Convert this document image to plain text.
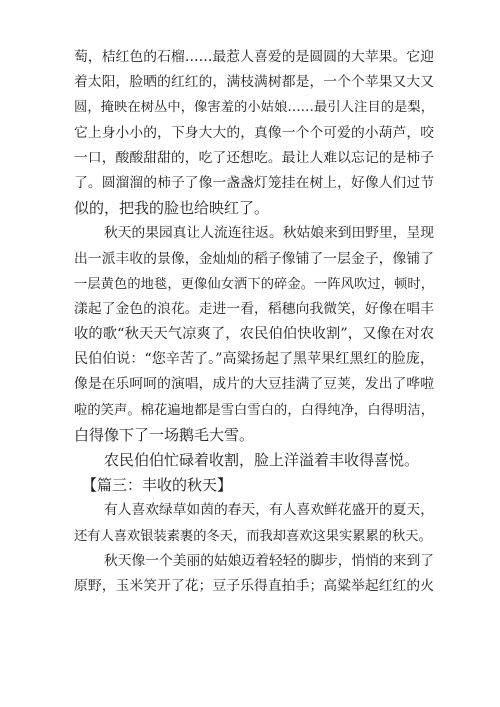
萄，桔红色的石榴……最惹人喜爱的是圆圆的大苹果。它迎
着太阳，脸晒的红红的，满枝满树都是，一个个苹果又大又
圆，掩映在树丛中，像害羞的小姑娘……最引人注目的是梨，
它上身小小的，下身大大的，真像一个个可爱的小葫芦，咬
一口，酸酸甜甜的，吃了还想吃。最让人难以忘记的是柿子
了。圆溜溜的柿子了像一盏盏灯笼挂在树上，好像人们过节
似的，把我的脸也给映红了。
秋天的果园真让人流连往返。秋姑娘来到田野里，呈现
出一派丰收的景像，金灿灿的稻子像铺了一层金子，像铺了
一层黄色的地毯，更像仙女洒下的碎金。一阵风吹过，顿时，
漾起了金色的浪花。走进一看，稻穗向我微笑，好像在唱丰
收的歌“秋天天气凉爽了，农民伯伯快收割”，又像在对农
民伯伯说：“您辛苦了。”高粱扬起了黑苹果红黑红的脸庞，
像是在乐呵呵的演唱，成片的大豆挂满了豆荚，发出了哗啦
啦的笑声。棉花遍地都是雪白雪白的，白得纯净，白得明洁，
白得像下了一场鹅毛大雪。
农民伯伯忙碌着收割，脸上洋溢着丰收得喜悦。
【篇三：丰收的秋天】
有人喜欢绿草如茵的春天，有人喜欢鲜花盛开的夏天，
还有人喜欢银装素裹的冬天，而我却喜欢这果实累累的秋天。
秋天像一个美丽的姑娘迈着轻轻的脚步，悄悄的来到了
原野，玉米笑开了花；豆子乐得直拍手；高粱举起红红的火
